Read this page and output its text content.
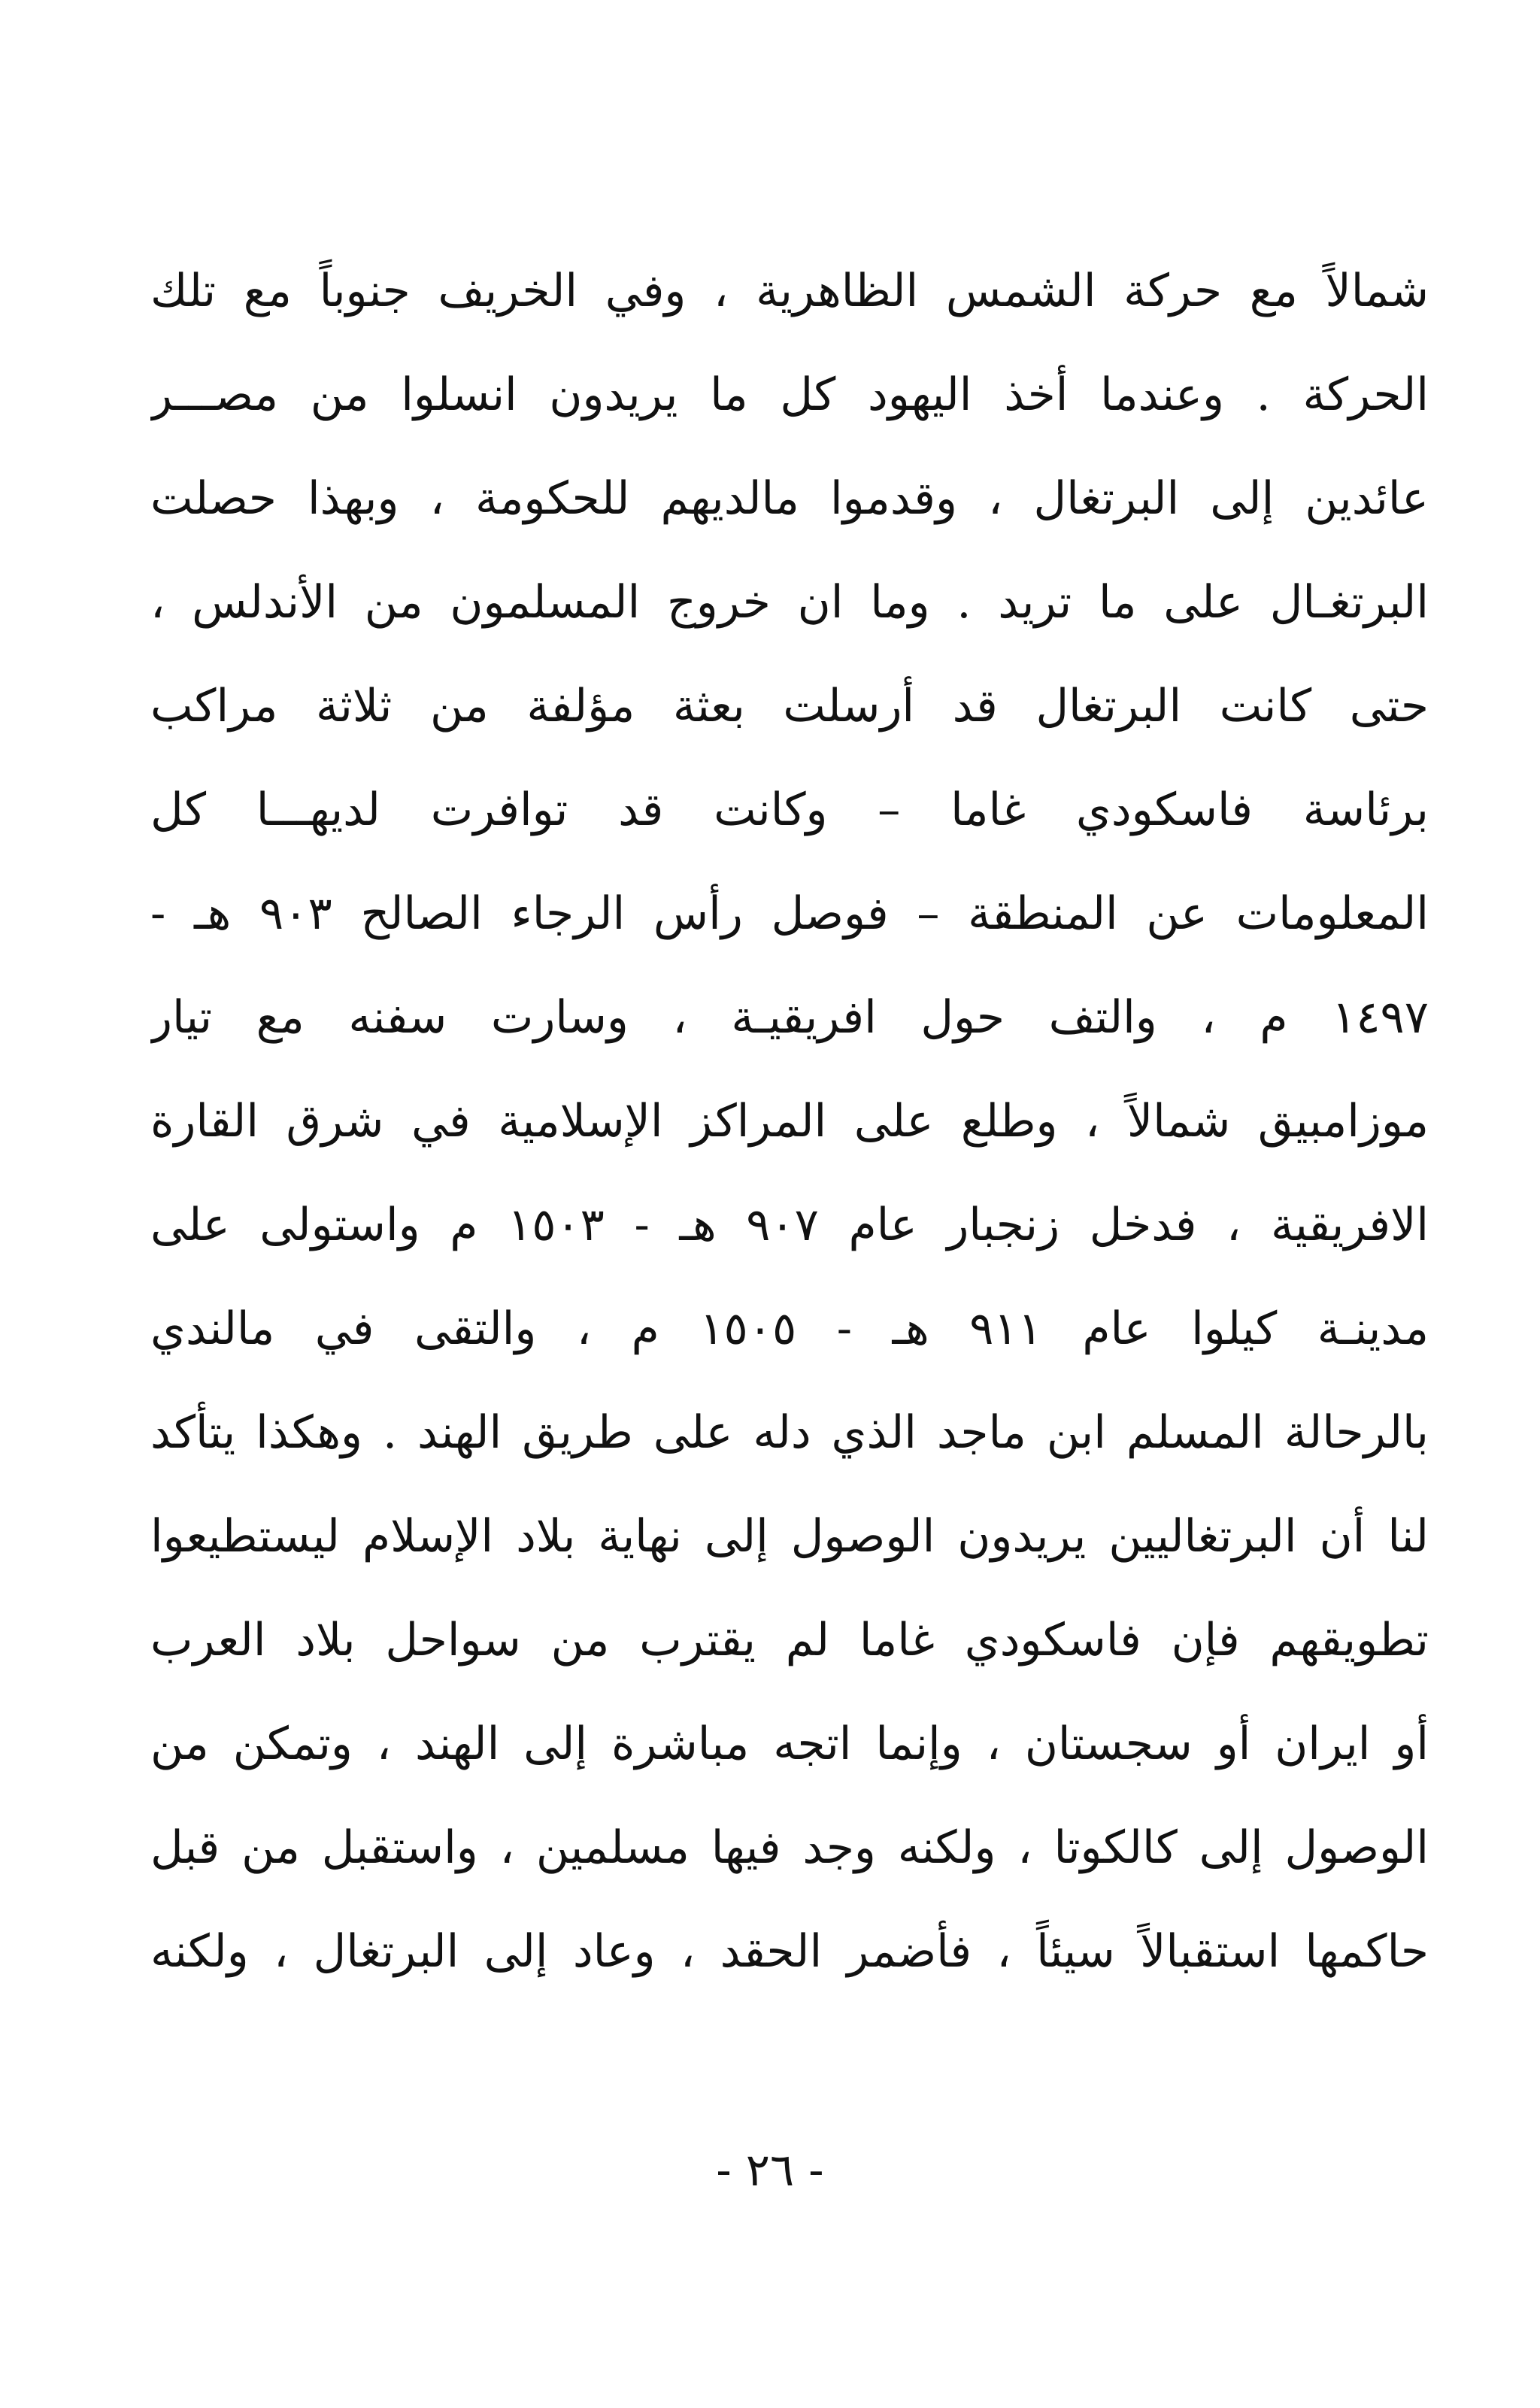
شمالاً مع حركة الشمس الظاهرية ، وفي الخريف جنوباً مع تلك
الحركة . وعندما أخذ اليهود كل ما يريدون انسلوا من مصـــر
عائدين إلى البرتغال ، وقدموا مالديهم للحكومة ، وبهذا حصلت
البرتغـال على ما تريد . وما ان خروج المسلمون من الأندلس ،
حتى كانت البرتغال قد أرسلت بعثة مؤلفة من ثلاثة مراكب
برئاسة فاسكودي غاما – وكانت قد توافرت لديهـــا كل
المعلومات عن المنطقة – فوصل رأس الرجاء الصالح ٩٠٣ هـ -
١٤٩٧ م ، والتف حول افريقيـة ، وسارت سفنه مع تيار
موزامبيق شمالاً ، وطلع على المراكز الإسلامية في شرق القارة
الافريقية ، فدخل زنجبار عام ٩٠٧ هـ - ١٥٠٣ م واستولى على
مدينـة كيلوا عام ٩١١ هـ - ١٥٠٥ م ، والتقى في مالندي
بالرحالة المسلم ابن ماجد الذي دله على طريق الهند . وهكذا يتأكد
لنا أن البرتغاليين يريدون الوصول إلى نهاية بلاد الإسلام ليستطيعوا
تطويقهم فإن فاسكودي غاما لم يقترب من سواحل بلاد العرب
أو ايران أو سجستان ، وإنما اتجه مباشرة إلى الهند ، وتمكن من
الوصول إلى كالكوتا ، ولكنه وجد فيها مسلمين ، واستقبل من قبل
حاكمها استقبالاً سيئاً ، فأضمر الحقد ، وعاد إلى البرتغال ، ولكنه
- ٢٦ -
